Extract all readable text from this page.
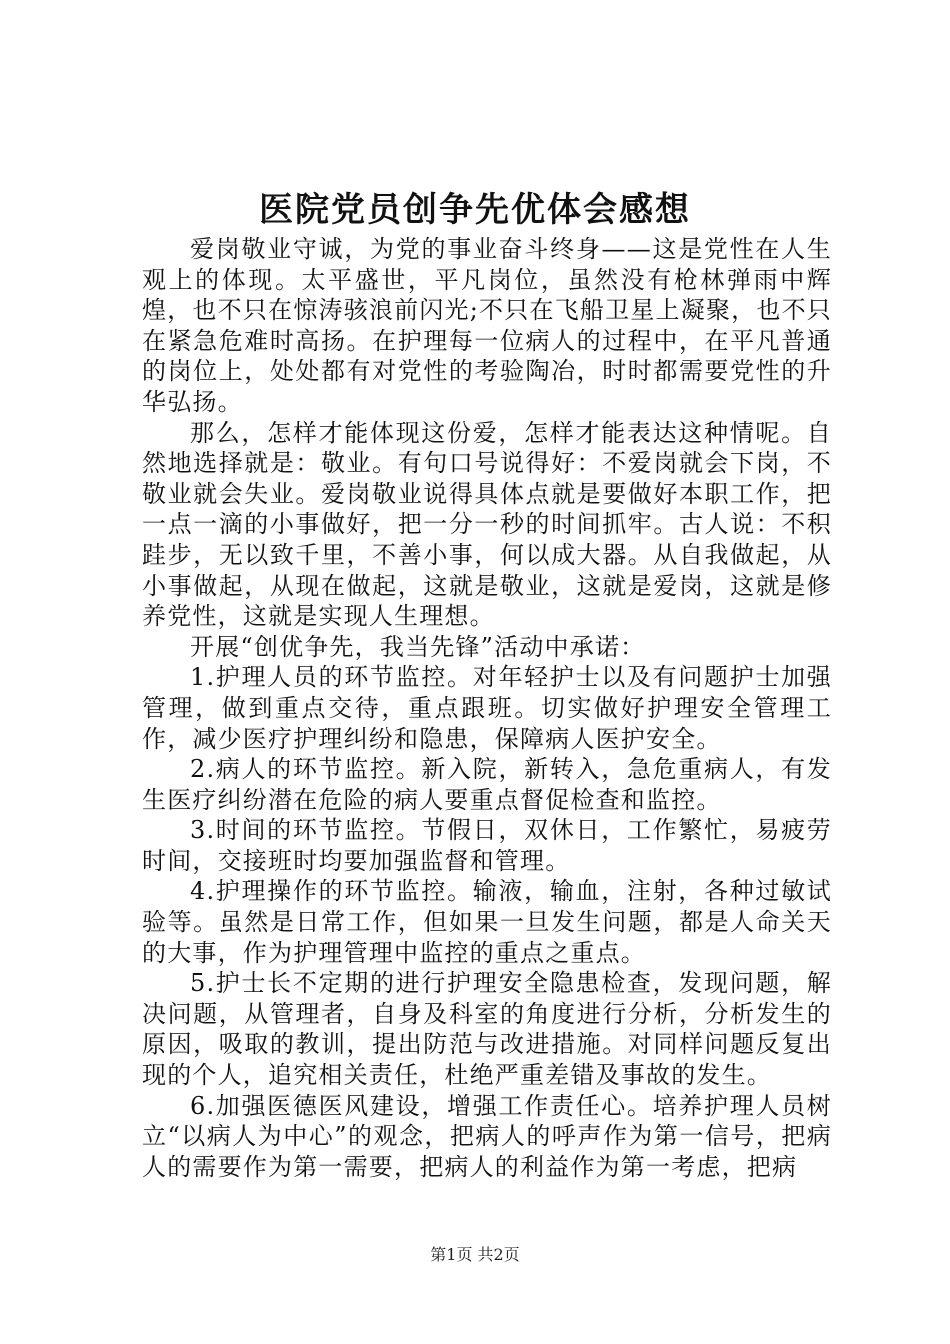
医院党员创争先优体会感想

爱岗敬业守诚，为党的事业奋斗终身——这是党性在人生观上的体现。太平盛世，平凡岗位，虽然没有枪林弹雨中辉煌，也不只在惊涛骇浪前闪光;不只在飞船卫星上凝聚，也不只在紧急危难时高扬。在护理每一位病人的过程中，在平凡普通的岗位上，处处都有对党性的考验陶冶，时时都需要党性的升华弘扬。

那么，怎样才能体现这份爱，怎样才能表达这种情呢。自然地选择就是：敬业。有句口号说得好：不爱岗就会下岗，不敬业就会失业。爱岗敬业说得具体点就是要做好本职工作，把一点一滴的小事做好，把一分一秒的时间抓牢。古人说：不积跬步，无以致千里，不善小事，何以成大器。从自我做起，从小事做起，从现在做起，这就是敬业，这就是爱岗，这就是修养党性，这就是实现人生理想。

开展“创优争先，我当先锋”活动中承诺：

1.护理人员的环节监控。对年轻护士以及有问题护士加强管理，做到重点交待，重点跟班。切实做好护理安全管理工作，减少医疗护理纠纷和隐患，保障病人医护安全。

2.病人的环节监控。新入院，新转入，急危重病人，有发生医疗纠纷潜在危险的病人要重点督促检查和监控。

3.时间的环节监控。节假日，双休日，工作繁忙，易疲劳时间，交接班时均要加强监督和管理。

4.护理操作的环节监控。输液，输血，注射，各种过敏试验等。虽然是日常工作，但如果一旦发生问题，都是人命关天的大事，作为护理管理中监控的重点之重点。

5.护士长不定期的进行护理安全隐患检查，发现问题，解决问题，从管理者，自身及科室的角度进行分析，分析发生的原因，吸取的教训，提出防范与改进措施。对同样问题反复出现的个人，追究相关责任，杜绝严重差错及事故的发生。

6.加强医德医风建设，增强工作责任心。培养护理人员树立“以病人为中心”的观念，把病人的呼声作为第一信号，把病人的需要作为第一需要，把病人的利益作为第一考虑，把病

第1页 共2页
